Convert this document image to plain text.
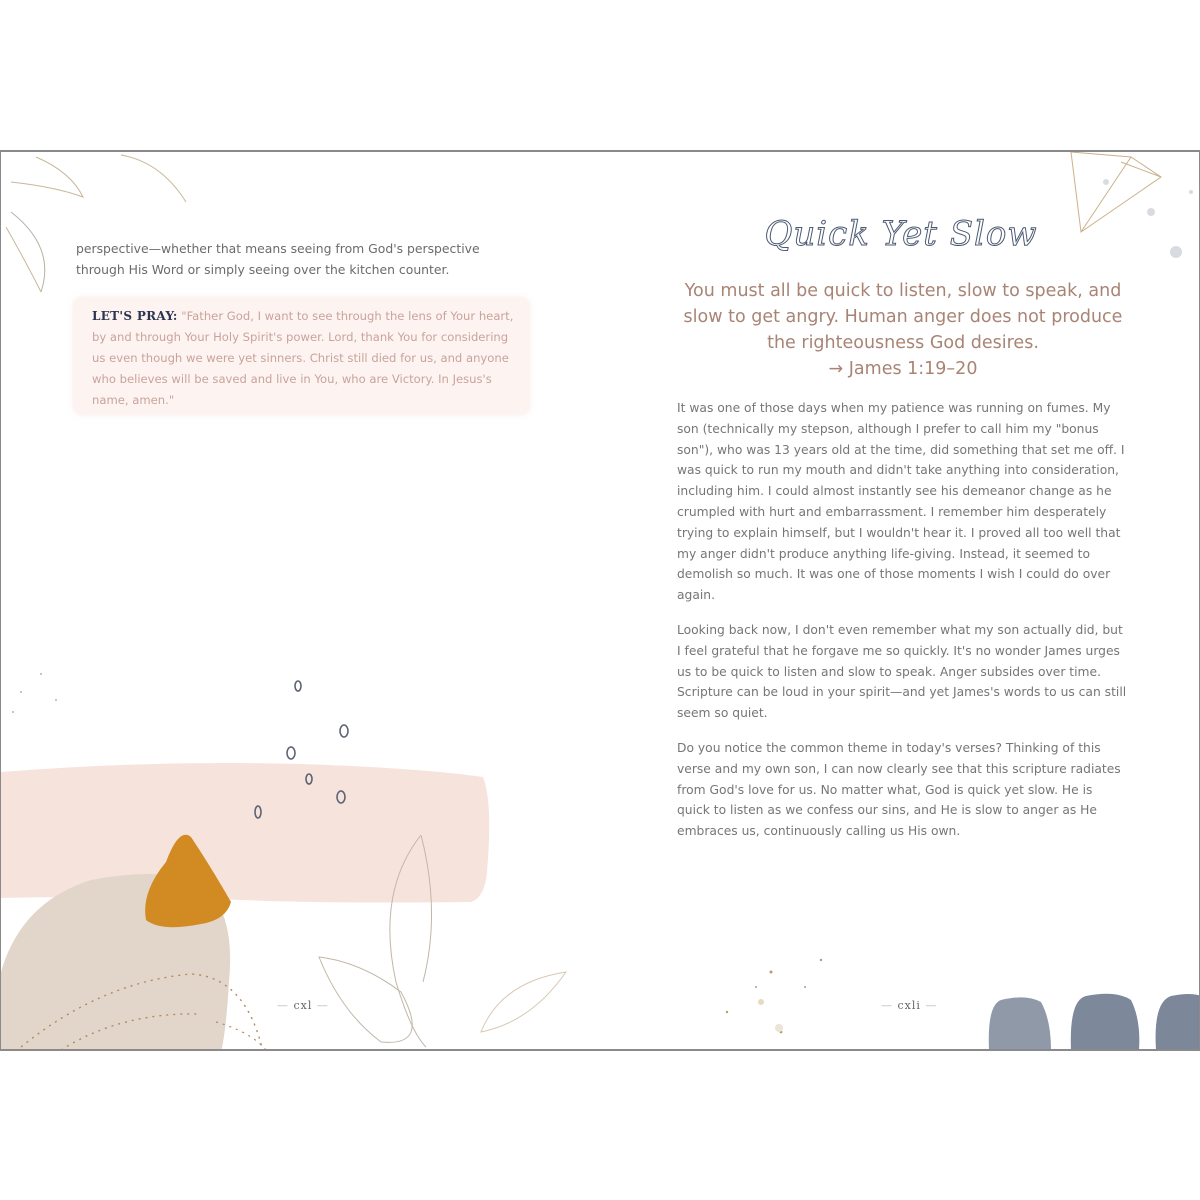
perspective—whether that means seeing from God's perspective through His Word or simply seeing over the kitchen counter.
LET'S PRAY: "Father God, I want to see through the lens of Your heart, by and through Your Holy Spirit's power. Lord, thank You for considering us even though we were yet sinners. Christ still died for us, and anyone who believes will be saved and live in You, who are Victory. In Jesus's name, amen."
— cxl —
Quick Yet Slow
You must all be quick to listen, slow to speak, and slow to get angry. Human anger does not produce the righteousness God desires.
→ James 1:19–20
It was one of those days when my patience was running on fumes. My son (technically my stepson, although I prefer to call him my "bonus son"), who was 13 years old at the time, did something that set me off. I was quick to run my mouth and didn't take anything into consideration, including him. I could almost instantly see his demeanor change as he crumpled with hurt and embarrassment. I remember him desperately trying to explain himself, but I wouldn't hear it. I proved all too well that my anger didn't produce anything life-giving. Instead, it seemed to demolish so much. It was one of those moments I wish I could do over again.
Looking back now, I don't even remember what my son actually did, but I feel grateful that he forgave me so quickly. It's no wonder James urges us to be quick to listen and slow to speak. Anger subsides over time. Scripture can be loud in your spirit—and yet James's words to us can still seem so quiet.
Do you notice the common theme in today's verses? Thinking of this verse and my own son, I can now clearly see that this scripture radiates from God's love for us. No matter what, God is quick yet slow. He is quick to listen as we confess our sins, and He is slow to anger as He embraces us, continuously calling us His own.
— cxli —
